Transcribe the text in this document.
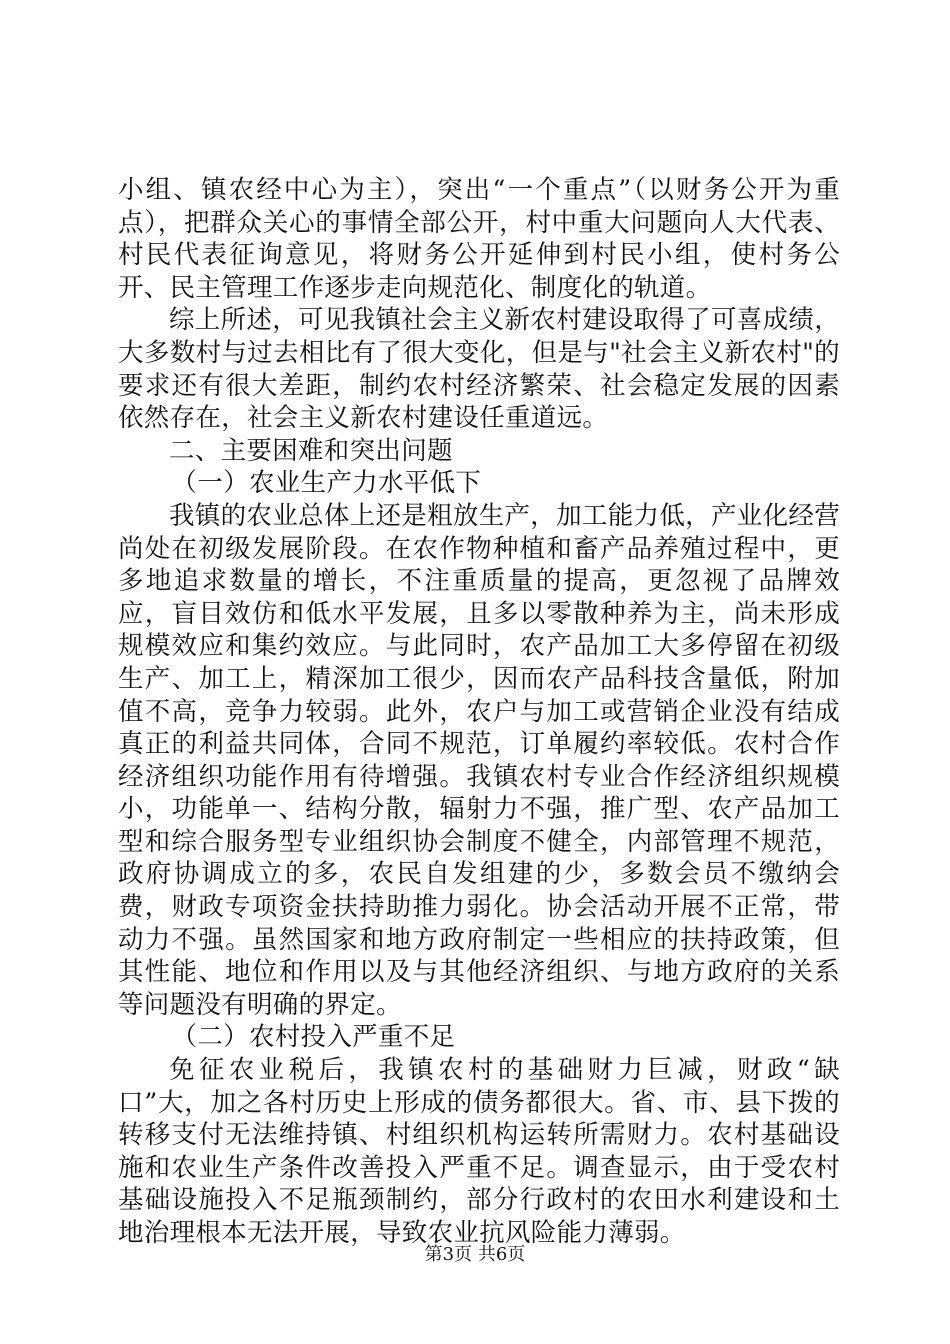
小组、镇农经中心为主），突出“一个重点”（以财务公开为重点），把群众关心的事情全部公开，村中重大问题向人大代表、村民代表征询意见，将财务公开延伸到村民小组，使村务公开、民主管理工作逐步走向规范化、制度化的轨道。

综上所述，可见我镇社会主义新农村建设取得了可喜成绩，大多数村与过去相比有了很大变化，但是与"社会主义新农村"的要求还有很大差距，制约农村经济繁荣、社会稳定发展的因素依然存在，社会主义新农村建设任重道远。

二、主要困难和突出问题

（一）农业生产力水平低下

我镇的农业总体上还是粗放生产，加工能力低，产业化经营尚处在初级发展阶段。在农作物种植和畜产品养殖过程中，更多地追求数量的增长，不注重质量的提高，更忽视了品牌效应，盲目效仿和低水平发展，且多以零散种养为主，尚未形成规模效应和集约效应。与此同时，农产品加工大多停留在初级生产、加工上，精深加工很少，因而农产品科技含量低，附加值不高，竞争力较弱。此外，农户与加工或营销企业没有结成真正的利益共同体，合同不规范，订单履约率较低。农村合作经济组织功能作用有待增强。我镇农村专业合作经济组织规模小，功能单一、结构分散，辐射力不强，推广型、农产品加工型和综合服务型专业组织协会制度不健全，内部管理不规范，政府协调成立的多，农民自发组建的少，多数会员不缴纳会费，财政专项资金扶持助推力弱化。协会活动开展不正常，带动力不强。虽然国家和地方政府制定一些相应的扶持政策，但其性能、地位和作用以及与其他经济组织、与地方政府的关系等问题没有明确的界定。

（二）农村投入严重不足

免征农业税后，我镇农村的基础财力巨减，财政“缺口”大，加之各村历史上形成的债务都很大。省、市、县下拨的转移支付无法维持镇、村组织机构运转所需财力。农村基础设施和农业生产条件改善投入严重不足。调查显示，由于受农村基础设施投入不足瓶颈制约，部分行政村的农田水利建设和土地治理根本无法开展，导致农业抗风险能力薄弱。

第3页 共6页
